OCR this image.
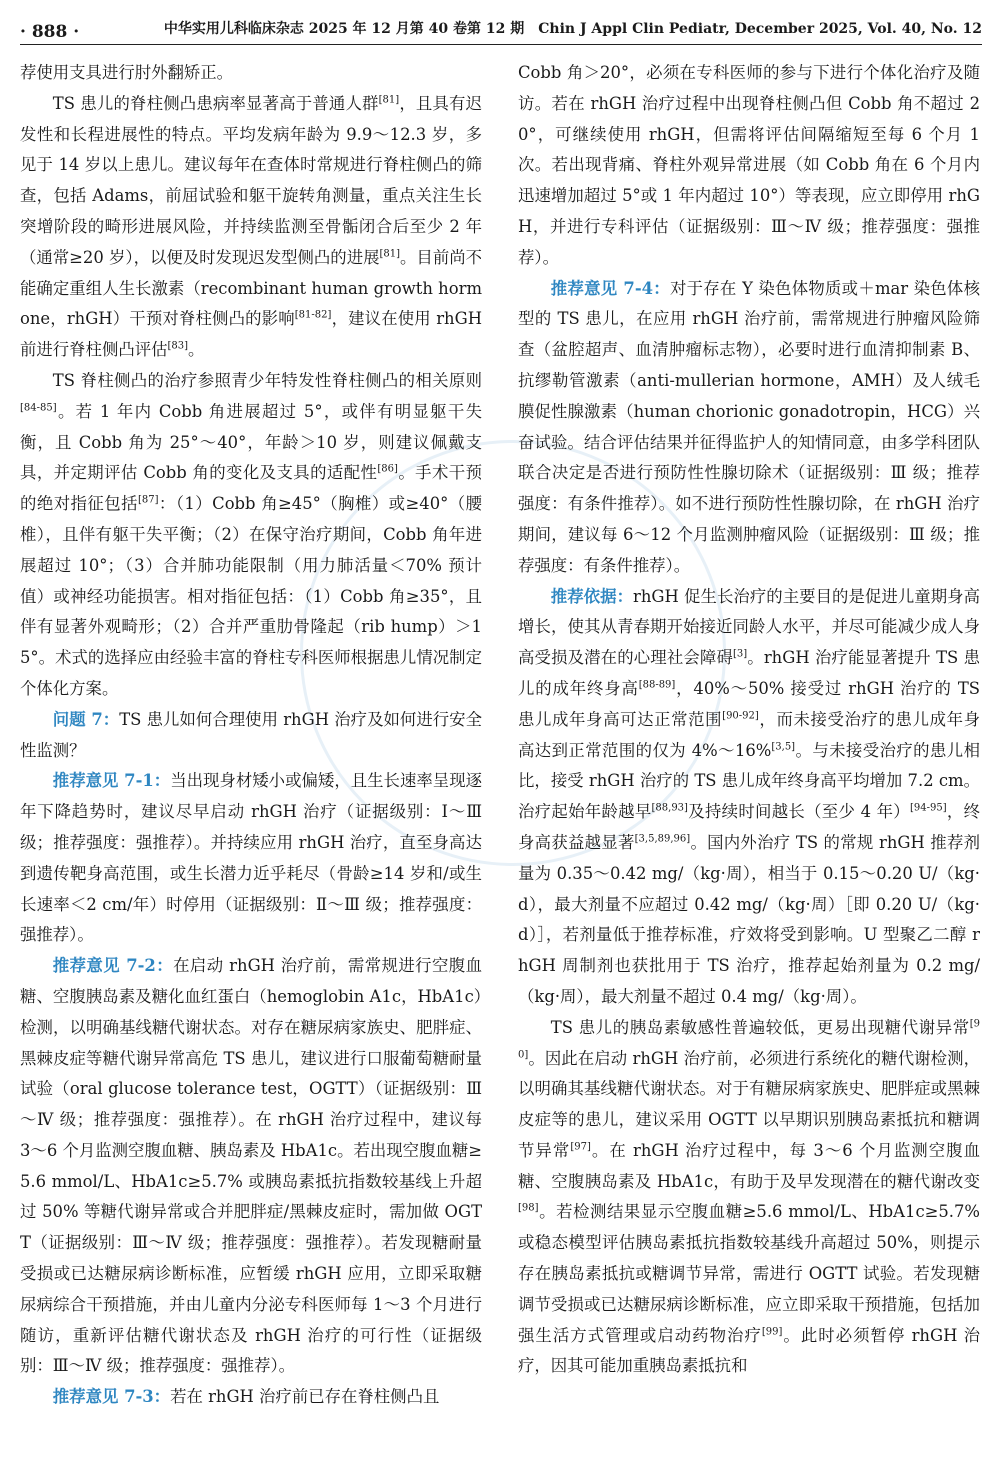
· 888 ·	中华实用儿科临床杂志 2025 年 12 月第 40 卷第 12 期　Chin J Appl Clin Pediatr, December 2025, Vol. 40, No. 12

荐使用支具进行肘外翻矫正。

TS 患儿的脊柱侧凸患病率显著高于普通人群[81]，且具有迟发性和长程进展性的特点。平均发病年龄为 9.9～12.3 岁，多见于 14 岁以上患儿。建议每年在查体时常规进行脊柱侧凸的筛查，包括 Adams，前屈试验和躯干旋转角测量，重点关注生长突增阶段的畸形进展风险，并持续监测至骨骺闭合后至少 2 年（通常≥20 岁），以便及时发现迟发型侧凸的进展[81]。目前尚不能确定重组人生长激素（recombinant human growth hormone，rhGH）干预对脊柱侧凸的影响[81-82]，建议在使用 rhGH 前进行脊柱侧凸评估[83]。

TS 脊柱侧凸的治疗参照青少年特发性脊柱侧凸的相关原则[84-85]。若 1 年内 Cobb 角进展超过 5°，或伴有明显躯干失衡，且 Cobb 角为 25°～40°，年龄＞10 岁，则建议佩戴支具，并定期评估 Cobb 角的变化及支具的适配性[86]。手术干预的绝对指征包括[87]：（1）Cobb 角≥45°（胸椎）或≥40°（腰椎），且伴有躯干失平衡；（2）在保守治疗期间，Cobb 角年进展超过 10°；（3）合并肺功能限制（用力肺活量＜70% 预计值）或神经功能损害。相对指征包括：（1）Cobb 角≥35°，且伴有显著外观畸形；（2）合并严重肋骨隆起（rib hump）＞15°。术式的选择应由经验丰富的脊柱专科医师根据患儿情况制定个体化方案。

问题 7：TS 患儿如何合理使用 rhGH 治疗及如何进行安全性监测？

推荐意见 7-1：当出现身材矮小或偏矮，且生长速率呈现逐年下降趋势时，建议尽早启动 rhGH 治疗（证据级别：Ⅰ～Ⅲ 级；推荐强度：强推荐）。并持续应用 rhGH 治疗，直至身高达到遗传靶身高范围，或生长潜力近乎耗尽（骨龄≥14 岁和/或生长速率＜2 cm/年）时停用（证据级别：Ⅱ～Ⅲ 级；推荐强度：强推荐）。

推荐意见 7-2：在启动 rhGH 治疗前，需常规进行空腹血糖、空腹胰岛素及糖化血红蛋白（hemoglobin A1c，HbA1c）检测，以明确基线糖代谢状态。对存在糖尿病家族史、肥胖症、黑棘皮症等糖代谢异常高危 TS 患儿，建议进行口服葡萄糖耐量试验（oral glucose tolerance test，OGTT）（证据级别：Ⅲ～Ⅳ 级；推荐强度：强推荐）。在 rhGH 治疗过程中，建议每 3～6 个月监测空腹血糖、胰岛素及 HbA1c。若出现空腹血糖≥5.6 mmol/L、HbA1c≥5.7% 或胰岛素抵抗指数较基线上升超过 50% 等糖代谢异常或合并肥胖症/黑棘皮症时，需加做 OGTT（证据级别：Ⅲ～Ⅳ 级；推荐强度：强推荐）。若发现糖耐量受损或已达糖尿病诊断标准，应暂缓 rhGH 应用，立即采取糖尿病综合干预措施，并由儿童内分泌专科医师每 1～3 个月进行随访，重新评估糖代谢状态及 rhGH 治疗的可行性（证据级别：Ⅲ～Ⅳ 级；推荐强度：强推荐）。

推荐意见 7-3：若在 rhGH 治疗前已存在脊柱侧凸且

Cobb 角＞20°，必须在专科医师的参与下进行个体化治疗及随访。若在 rhGH 治疗过程中出现脊柱侧凸但 Cobb 角不超过 20°，可继续使用 rhGH，但需将评估间隔缩短至每 6 个月 1 次。若出现背痛、脊柱外观异常进展（如 Cobb 角在 6 个月内迅速增加超过 5°或 1 年内超过 10°）等表现，应立即停用 rhGH，并进行专科评估（证据级别：Ⅲ～Ⅳ 级；推荐强度：强推荐）。

推荐意见 7-4：对于存在 Y 染色体物质或＋mar 染色体核型的 TS 患儿，在应用 rhGH 治疗前，需常规进行肿瘤风险筛查（盆腔超声、血清肿瘤标志物），必要时进行血清抑制素 B、抗缪勒管激素（anti-mullerian hormone，AMH）及人绒毛膜促性腺激素（human chorionic gonadotropin，HCG）兴奋试验。结合评估结果并征得监护人的知情同意，由多学科团队联合决定是否进行预防性性腺切除术（证据级别：Ⅲ 级；推荐强度：有条件推荐）。如不进行预防性性腺切除，在 rhGH 治疗期间，建议每 6～12 个月监测肿瘤风险（证据级别：Ⅲ 级；推荐强度：有条件推荐）。

推荐依据：rhGH 促生长治疗的主要目的是促进儿童期身高增长，使其从青春期开始接近同龄人水平，并尽可能减少成人身高受损及潜在的心理社会障碍[3]。rhGH 治疗能显著提升 TS 患儿的成年终身高[88-89]，40%～50% 接受过 rhGH 治疗的 TS 患儿成年身高可达正常范围[90-92]，而未接受治疗的患儿成年身高达到正常范围的仅为 4%～16%[3,5]。与未接受治疗的患儿相比，接受 rhGH 治疗的 TS 患儿成年终身高平均增加 7.2 cm。治疗起始年龄越早[88,93]及持续时间越长（至少 4 年）[94-95]，终身高获益越显著[3,5,89,96]。国内外治疗 TS 的常规 rhGH 推荐剂量为 0.35～0.42 mg/（kg·周），相当于 0.15～0.20 U/（kg·d），最大剂量不应超过 0.42 mg/（kg·周）［即 0.20 U/（kg·d）］，若剂量低于推荐标准，疗效将受到影响。U 型聚乙二醇 rhGH 周制剂也获批用于 TS 治疗，推荐起始剂量为 0.2 mg/（kg·周），最大剂量不超过 0.4 mg/（kg·周）。

TS 患儿的胰岛素敏感性普遍较低，更易出现糖代谢异常[90]。因此在启动 rhGH 治疗前，必须进行系统化的糖代谢检测，以明确其基线糖代谢状态。对于有糖尿病家族史、肥胖症或黑棘皮症等的患儿，建议采用 OGTT 以早期识别胰岛素抵抗和糖调节异常[97]。在 rhGH 治疗过程中，每 3～6 个月监测空腹血糖、空腹胰岛素及 HbA1c，有助于及早发现潜在的糖代谢改变[98]。若检测结果显示空腹血糖≥5.6 mmol/L、HbA1c≥5.7% 或稳态模型评估胰岛素抵抗指数较基线升高超过 50%，则提示存在胰岛素抵抗或糖调节异常，需进行 OGTT 试验。若发现糖调节受损或已达糖尿病诊断标准，应立即采取干预措施，包括加强生活方式管理或启动药物治疗[99]。此时必须暂停 rhGH 治疗，因其可能加重胰岛素抵抗和
